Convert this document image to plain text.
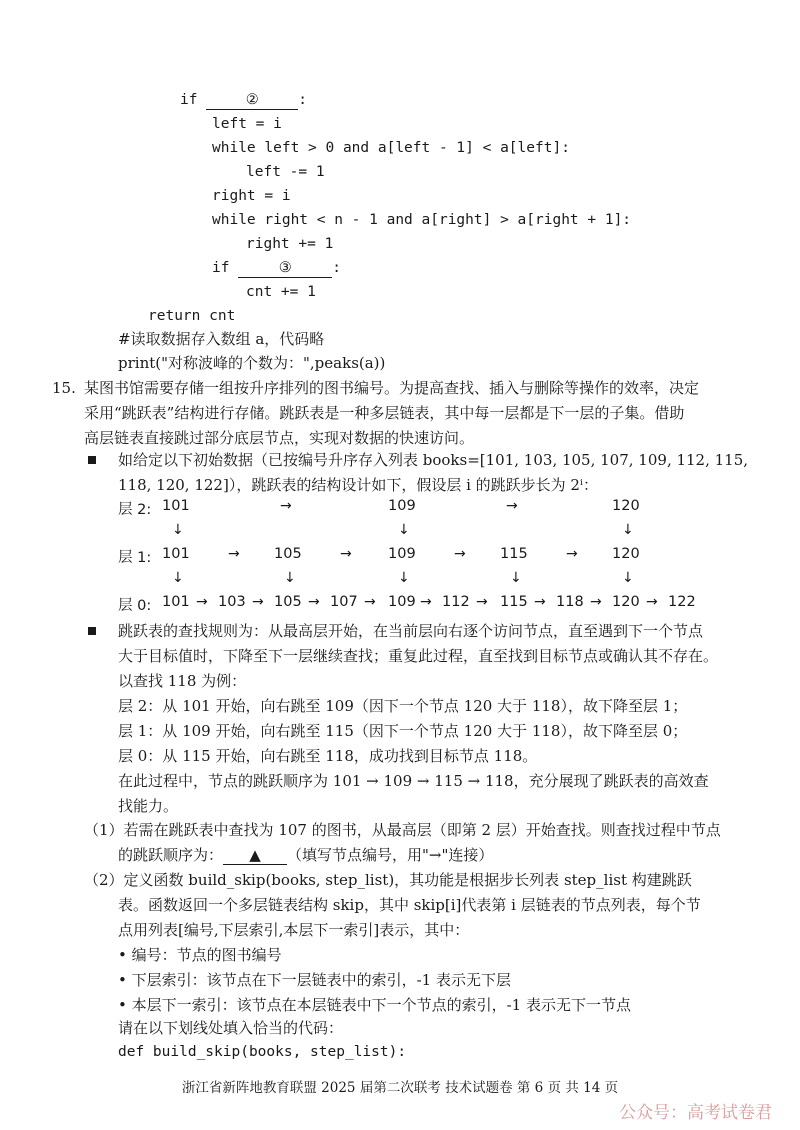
if	②	:
left = i
while left > 0 and a[left - 1] < a[left]:
left -= 1
right = i
while right < n - 1 and a[right] > a[right + 1]:
right += 1
if	③	:
cnt += 1
return cnt
#读取数据存入数组 a，代码略
print("对称波峰的个数为：",peaks(a))
15. 某图书馆需要存储一组按升序排列的图书编号。为提高查找、插入与删除等操作的效率，决定
采用“跳跃表”结构进行存储。跳跃表是一种多层链表，其中每一层都是下一层的子集。借助
高层链表直接跳过部分底层节点，实现对数据的快速访问。
如给定以下初始数据（已按编号升序存入列表 books=[101, 103, 105, 107, 109, 112, 115,
118, 120, 122]），跳跃表的结构设计如下，假设层 i 的跳跃步长为 2ⁱ：
层 2: 101	→	109	→	120
↓	↓	↓
层 1: 101	→ 105	→	109	→ 115	→ 120
↓	↓	↓	↓	↓
层 0: 101 → 103 → 105 → 107 → 109 → 112 → 115 → 118 → 120 → 122
跳跃表的查找规则为：从最高层开始，在当前层向右逐个访问节点，直至遇到下一个节点
大于目标值时，下降至下一层继续查找；重复此过程，直至找到目标节点或确认其不存在。
以查找 118 为例：
层 2：从 101 开始，向右跳至 109（因下一个节点 120 大于 118），故下降至层 1；
层 1：从 109 开始，向右跳至 115（因下一个节点 120 大于 118），故下降至层 0；
层 0：从 115 开始，向右跳至 118，成功找到目标节点 118。
在此过程中，节点的跳跃顺序为 101 → 109 → 115 → 118，充分展现了跳跃表的高效查
找能力。
（1）若需在跳跃表中查找为 107 的图书，从最高层（即第 2 层）开始查找。则查找过程中节点
的跳跃顺序为： ▲ （填写节点编号，用"→"连接）
（2）定义函数 build_skip(books, step_list)，其功能是根据步长列表 step_list 构建跳跃
表。函数返回一个多层链表结构 skip，其中 skip[i]代表第 i 层链表的节点列表，每个节
点用列表[编号,下层索引,本层下一索引]表示，其中：
• 编号：节点的图书编号
• 下层索引：该节点在下一层链表中的索引，-1 表示无下层
• 本层下一索引：该节点在本层链表中下一个节点的索引，-1 表示无下一节点
请在以下划线处填入恰当的代码：
def build_skip(books, step_list):
浙江省新阵地教育联盟 2025 届第二次联考 技术试题卷 第 6 页 共 14 页
公众号：高考试卷君
